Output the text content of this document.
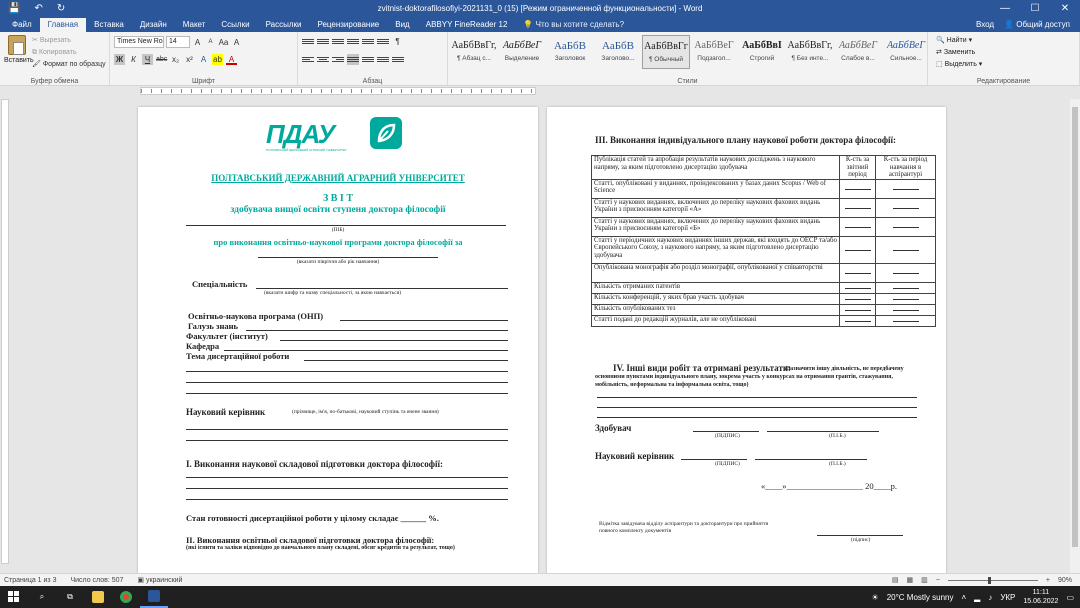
💾 ↶ ↻	zvitnist-doktorafilosofiyi-2021131_0 (15) [Режим ограниченной функциональности] - Word	—	☐	✕
Файл	Главная	Вставка	Дизайн	Макет	Ссылки	Рассылки	Рецензирование	Вид	ABBYY FineReader 12	💡 Что вы хотите сделать?	Вход 👤 Общий доступ
Вставить
✂ Вырезать
⧉ Копировать
🖌 Формат по образцу
Буфер обмена
Times New Ro 14	A	A Aa A
Ж	К	Ч abc x₂ x²	A ab A
Шрифт
¶
Абзац
АаБбВвГг,
¶ Абзац с...
АаБбВеГ
Выделение
АаБбВ
Заголовок
АаБбВ
Заголово...
АаБбВвГг
¶ Обычный
АаБбВеГ
Подзагол...
АаБбВвІ
Строгий
АаБбВвГг,
¶ Без инте...
АаБбВеГ
Слабое в...
АаБбВеГ
Сильное...
Стили
🔍 Найти ▾
⇄ Заменить
⬚ Выделить ▾
Редактирование
ПДАУ
ПОЛТАВСЬКИЙ ДЕРЖАВНИЙ АГРАРНИЙ УНІВЕРСИТЕТ
ПОЛТАВСЬКИЙ ДЕРЖАВНИЙ АГРАРНИЙ УНІВЕРСИТЕТ
З В І Т
здобувача вищої освіти ступеня доктора філософії
(ПІБ)
про виконання освітньо-наукової програми доктора філософії за
(вказати півріччя або рік навчання)
Спеціальність
(вказати шифр та назву спеціальності, за якою навчається)
Освітньо-наукова програма (ОНП)
Галузь знань
Факультет (інститут)
Кафедра
Тема дисертаційної роботи
Науковий керівник	(прізвище, ім'я, по-батькові, науковий ступінь та вчене звання)
І. Виконання наукової складової підготовки доктора філософії:
Стан готовності дисертаційної роботи у цілому складає ______ %.
ІІ. Виконання освітньої складової підготовки доктора філософії:
(які іспити та заліки відповідно до навчального плану складені, обсяг кредитів та результат, тощо)
ІІІ. Виконання індивідуального плану наукової роботи доктора філософії:
Публікація статей та апробація результатів наукових досліджень з наукового напряму, за яким підготовлено дисертацію здобувача	К-сть за звітний період	К-сть за період навчання в аспірантурі
Статті, опубліковані у виданнях, проіндексованих у базах даних Scopus / Web of Science		
Статті у наукових виданнях, включених до переліку наукових фахових видань України з присвоєнням категорії «А»		
Статті у наукових виданнях, включених до переліку наукових фахових видань України з присвоєнням категорії «Б»		
Статті у періодичних наукових виданнях інших держав, які входять до ОЕСР та/або Європейського Союзу, з наукового напряму, за яким підготовлено дисертацію здобувача		
Опублікована монографія або розділ монографії, опублікованої у співавторстві		
Кількість отриманих патентів		
Кількість конференцій, у яких брав участь здобувач		
Кількість опублікованих тез		
Статті подані до редакцій журналів, але не опубліковані		
IV. Інші види робіт та отримані результати:
(Зазначити іншу діяльність, не передбачену основними пунктами індивідуального плану, зокрема участь у конкурсах на отримання грантів, стажування, мобільність, неформальна та інформальна освіта, тощо)
Здобувач
(ПІДПИС)	(П.І.Б.)
Науковий керівник
(ПІДПИС)	(П.І.Б.)
«____»__________________ 20____р.
Відмітка завідувача відділу аспірантури та докторантури про прийняття повного комплекту документів
(підпис)
Страница 1 из 3 Число слов: 507 ▣ украинский	▤ ▦ ▥ −	+ 90%
⌕	⧉	☀ 20°C Mostly sunny ˄ ▂ ♪ УКР	11:11
15.06.2022 ▭
